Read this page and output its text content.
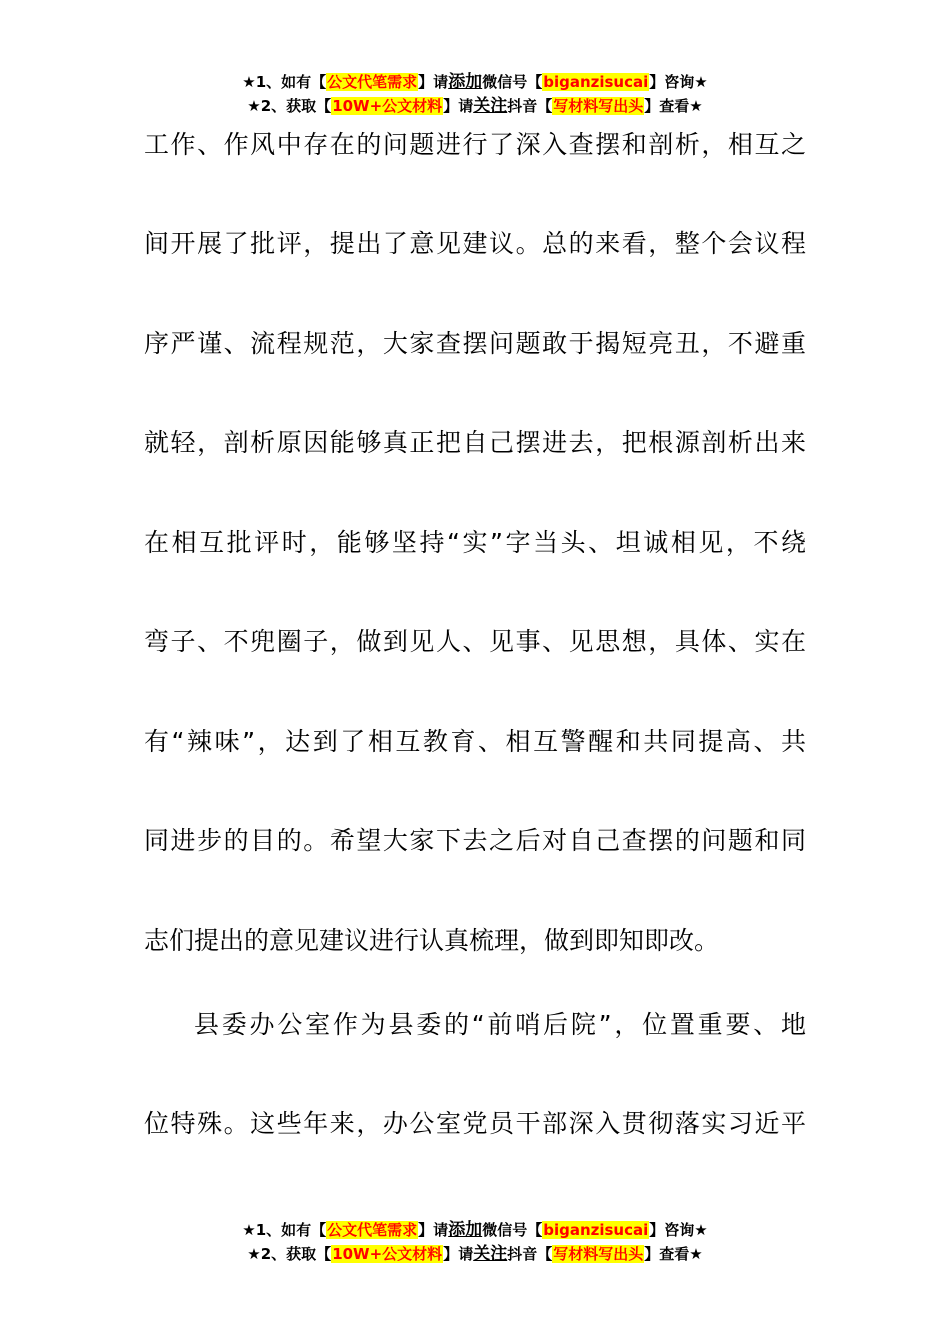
★1、如有【公文代笔需求】请添加微信号【biganzisucai】咨询★
★2、获取【10W+公文材料】请关注抖音【写材料写出头】查看★
工作、作风中存在的问题进行了深入查摆和剖析，相互之
间开展了批评，提出了意见建议。总的来看，整个会议程
序严谨、流程规范，大家查摆问题敢于揭短亮丑，不避重
就轻，剖析原因能够真正把自己摆进去，把根源剖析出来
在相互批评时，能够坚持“实”字当头、坦诚相见，不绕
弯子、不兜圈子，做到见人、见事、见思想，具体、实在
有“辣味”，达到了相互教育、相互警醒和共同提高、共
同进步的目的。希望大家下去之后对自己查摆的问题和同
志们提出的意见建议进行认真梳理，做到即知即改。
县委办公室作为县委的“前哨后院”，位置重要、地
位特殊。这些年来，办公室党员干部深入贯彻落实习近平
★1、如有【公文代笔需求】请添加微信号【biganzisucai】咨询★
★2、获取【10W+公文材料】请关注抖音【写材料写出头】查看★
